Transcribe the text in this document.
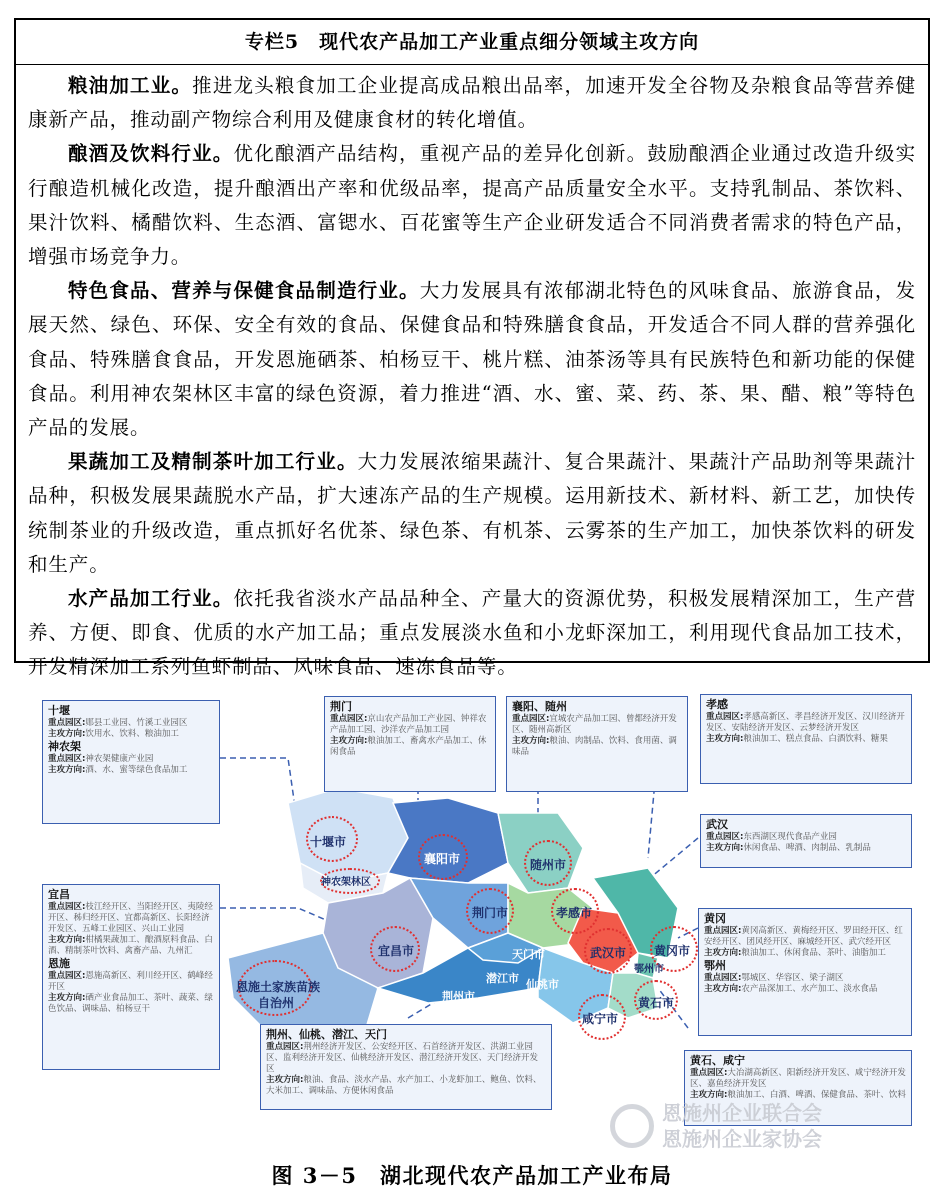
专栏5　现代农产品加工产业重点细分领域主攻方向

粮油加工业。推进龙头粮食加工企业提高成品粮出品率，加速开发全谷物及杂粮食品等营养健康新产品，推动副产物综合利用及健康食材的转化增值。

酿酒及饮料行业。优化酿酒产品结构，重视产品的差异化创新。鼓励酿酒企业通过改造升级实行酿造机械化改造，提升酿酒出产率和优级品率，提高产品质量安全水平。支持乳制品、茶饮料、果汁饮料、橘醋饮料、生态酒、富锶水、百花蜜等生产企业研发适合不同消费者需求的特色产品，增强市场竞争力。

特色食品、营养与保健食品制造行业。大力发展具有浓郁湖北特色的风味食品、旅游食品，发展天然、绿色、环保、安全有效的食品、保健食品和特殊膳食食品，开发适合不同人群的营养强化食品、特殊膳食食品，开发恩施硒茶、柏杨豆干、桃片糕、油茶汤等具有民族特色和新功能的保健食品。利用神农架林区丰富的绿色资源，着力推进“酒、水、蜜、菜、药、茶、果、醋、粮”等特色产品的发展。

果蔬加工及精制茶叶加工行业。大力发展浓缩果蔬汁、复合果蔬汁、果蔬汁产品助剂等果蔬汁品种，积极发展果蔬脱水产品，扩大速冻产品的生产规模。运用新技术、新材料、新工艺，加快传统制茶业的升级改造，重点抓好名优茶、绿色茶、有机茶、云雾茶的生产加工，加快茶饮料的研发和生产。

水产品加工行业。依托我省淡水产品品种全、产量大的资源优势，积极发展精深加工，生产营养、方便、即食、优质的水产加工品；重点发展淡水鱼和小龙虾深加工，利用现代食品加工技术，开发精深加工系列鱼虾制品、风味食品、速冻食品等。

十堰市
神农架林区
襄阳市	随州市
荆门市	孝感市
宜昌市	武汉市 黄冈市
恩施土家族苗族
自治州
天门市
潜江市 仙桃市
荆州市
鄂州市
黄石市
咸宁市
十堰
重点园区:郧县工业园、竹溪工业园区
主攻方向:饮用水、饮料、粮油加工
神农架
重点园区:神农架健康产业园
主攻方向:酒、水、蜜等绿色食品加工
荆门
重点园区:京山农产品加工产业园、钟祥农产品加工园、沙洋农产品加工园
主攻方向:粮油加工、畜禽水产品加工、休闲食品
襄阳、随州
重点园区:宜城农产品加工园、曾都经济开发区、随州高新区
主攻方向:粮油、肉制品、饮料、食用菌、调味品
孝感
重点园区:孝感高新区、孝昌经济开发区、汉川经济开发区、安陆经济开发区、云梦经济开发区
主攻方向:粮油加工、糕点食品、白酒饮料、糖果
武汉
重点园区:东西湖区现代食品产业园
主攻方向:休闲食品、啤酒、肉制品、乳制品
宜昌
重点园区:枝江经开区、当阳经开区、夷陵经开区、秭归经开区、宜都高新区、长阳经济开发区、五峰工业园区、兴山工业园
主攻方向:柑橘果蔬加工、酿酒原料食品、白酒、精制茶叶饮料、禽畜产品、九州汇
恩施
重点园区:恩施高新区、利川经开区、鹤峰经开区
主攻方向:硒产业食品加工、茶叶、蔬菜、绿色饮品、调味品、柏杨豆干
荆州、仙桃、潜江、天门
重点园区:荆州经济开发区、公安经开区、石首经济开发区、洪湖工业园区、监利经济开发区、仙桃经济开发区、潜江经济开发区、天门经济开发区
主攻方向:粮油、食品、淡水产品、水产加工、小龙虾加工、鲍鱼、饮料、大米加工、调味品、方便休闲食品
黄冈
重点园区:黄冈高新区、黄梅经开区、罗田经开区、红安经开区、团风经开区、麻城经开区、武穴经开区
主攻方向:粮油加工、休闲食品、茶叶、油脂加工
鄂州
重点园区:鄂城区、华容区、梁子湖区
主攻方向:农产品深加工、水产加工、淡水食品
黄石、咸宁
重点园区:大冶湖高新区、阳新经济开发区、咸宁经济开发区、嘉鱼经济开发区
主攻方向:粮油加工、白酒、啤酒、保健食品、茶叶、饮料
恩施州企业联合会
恩施州企业家协会
图 3－5　湖北现代农产品加工产业布局
